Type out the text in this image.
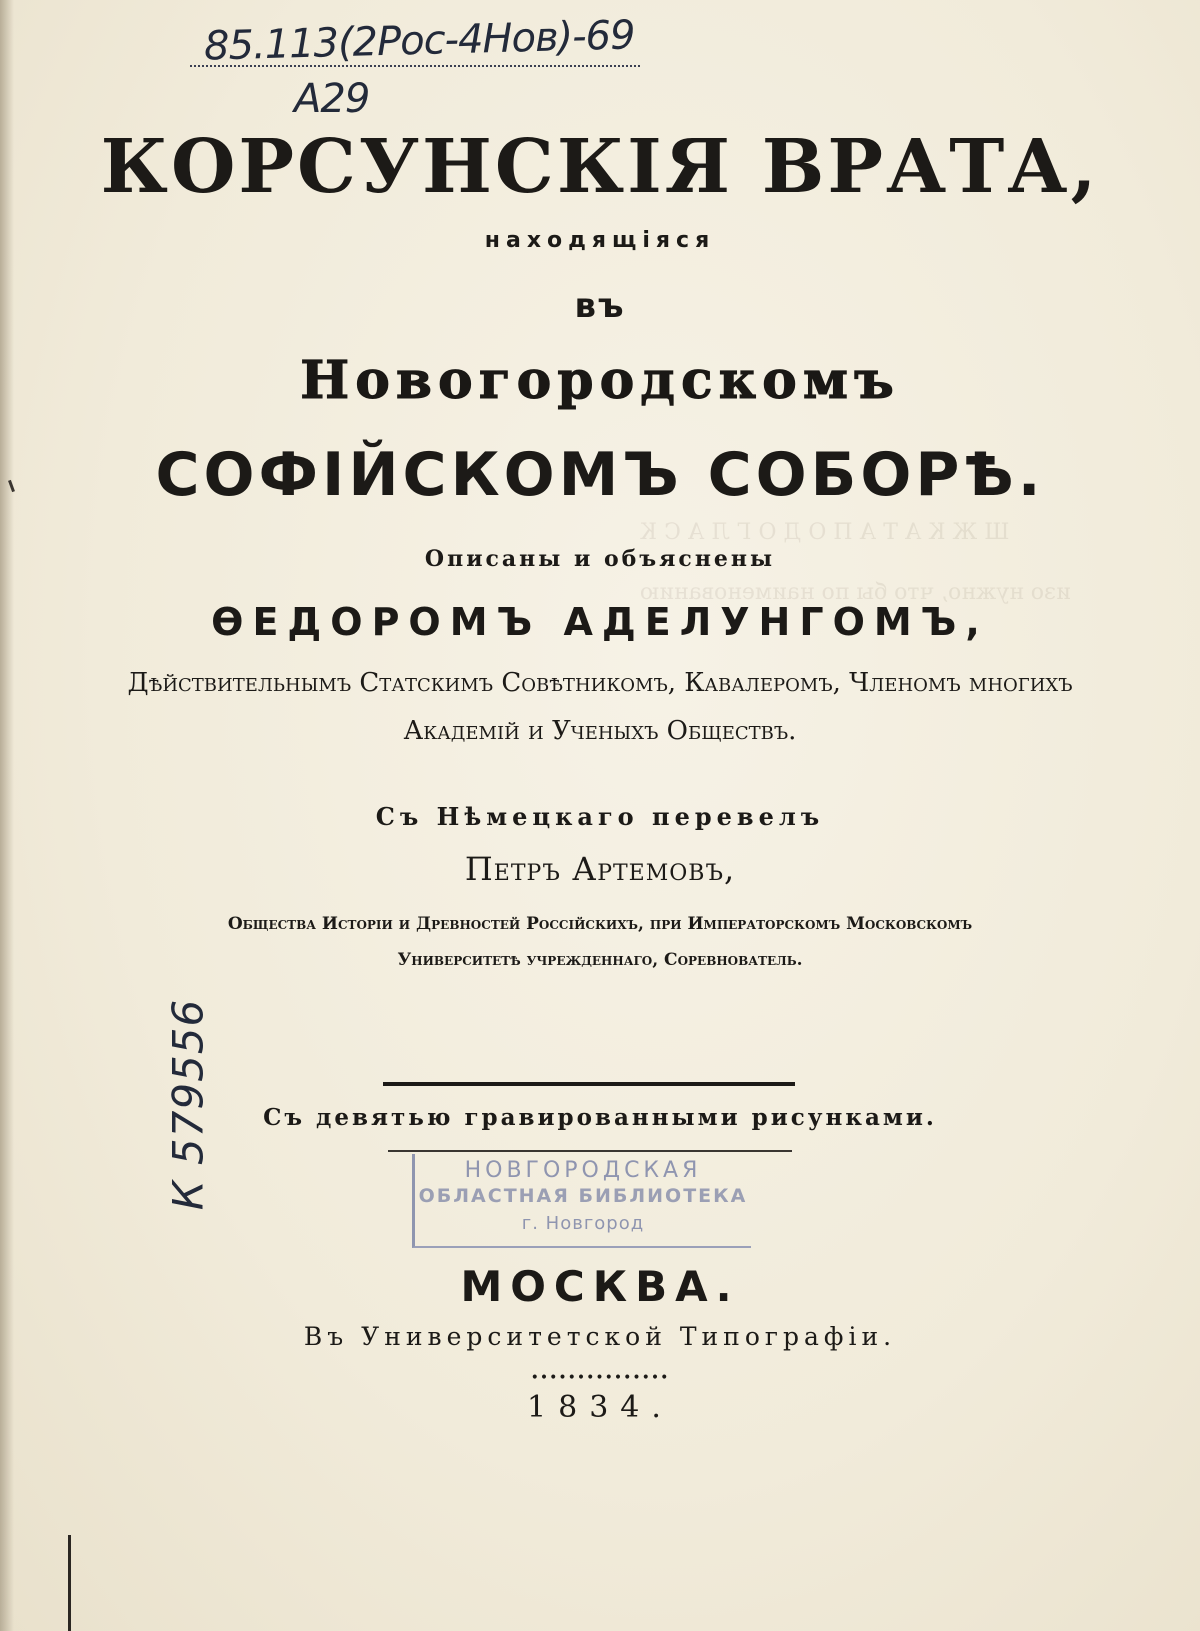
Ш Ж К А Т А П О Д О Г Л А С К
изо нужно, что бы по наименованию
85.113(2Рос-4Нов)-69
А29
К 579556
КОРСУНСКІЯ ВРАТА,
находящіяся
въ
Новогородскомъ
СОФІЙСКОМЪ СОБОРѢ.
Описаны и объяснены
ѲЕДОРОМЪ АДЕЛУНГОМЪ,
Дѣйствительнымъ Статскимъ Совѣтникомъ, Кавалеромъ, Членомъ многихъ
Академій и Ученыхъ Обществъ.
Съ Нѣмецкаго перевелъ
Петръ Артемовъ,
Общества Исторіи и Древностей Россійскихъ, при Императорскомъ Московскомъ
Университетѣ учрежденнаго, Соревнователь.
Съ девятью гравированными рисунками.
НОВГОРОДСКАЯ
ОБЛАСТНАЯ БИБЛИОТЕКА
г. Новгород
МОСКВА.
Въ Университетской Типографіи.
•••••••••••••••
1834.
